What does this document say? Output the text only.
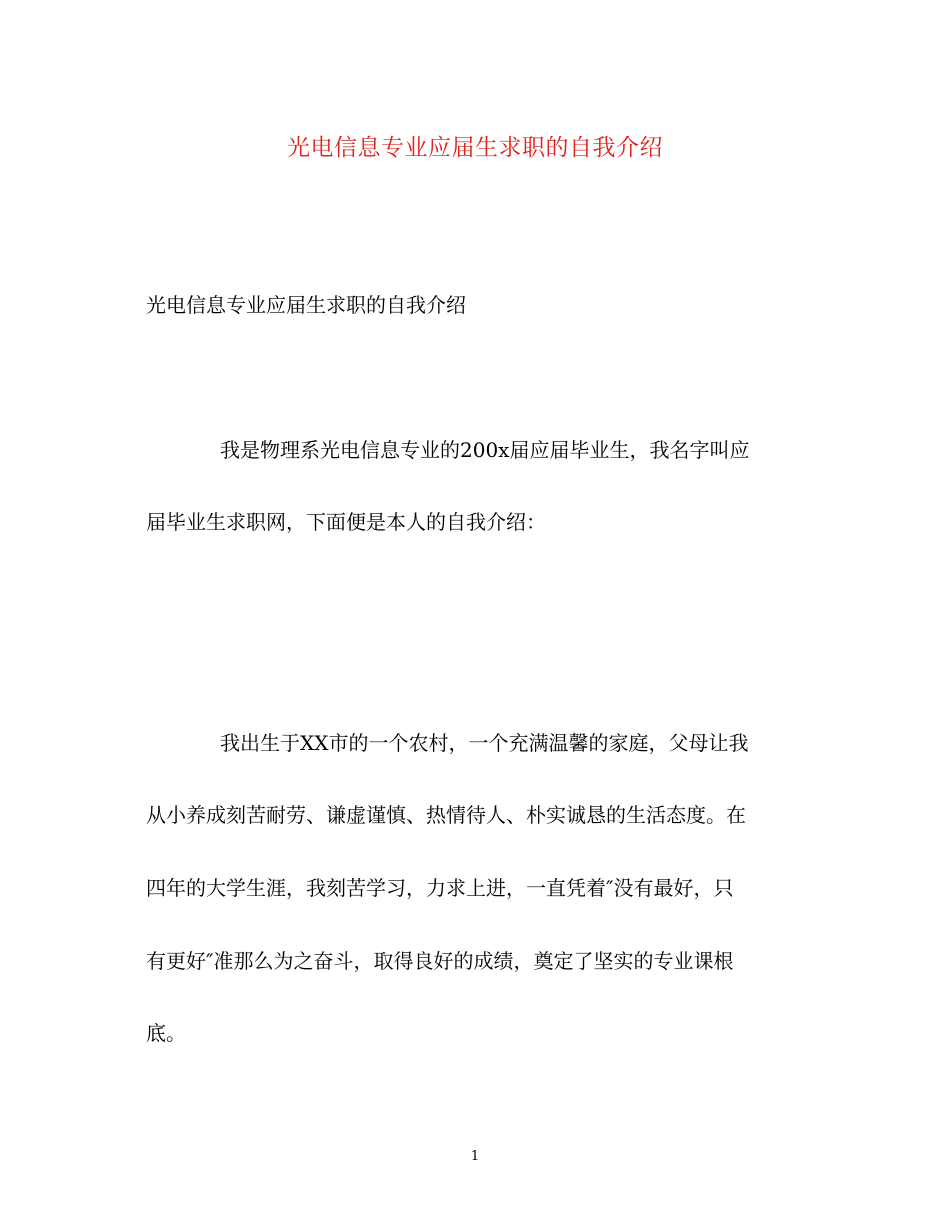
光电信息专业应届生求职的自我介绍
光电信息专业应届生求职的自我介绍
我是物理系光电信息专业的200x届应届毕业生，我名字叫应
届毕业生求职网，下面便是本人的自我介绍：
我出生于XX市的一个农村，一个充满温馨的家庭，父母让我
从小养成刻苦耐劳、谦虚谨慎、热情待人、朴实诚恳的生活态度。在
四年的大学生涯，我刻苦学习，力求上进，一直凭着″没有最好，只
有更好″准那么为之奋斗，取得良好的成绩，奠定了坚实的专业课根
底。
1
